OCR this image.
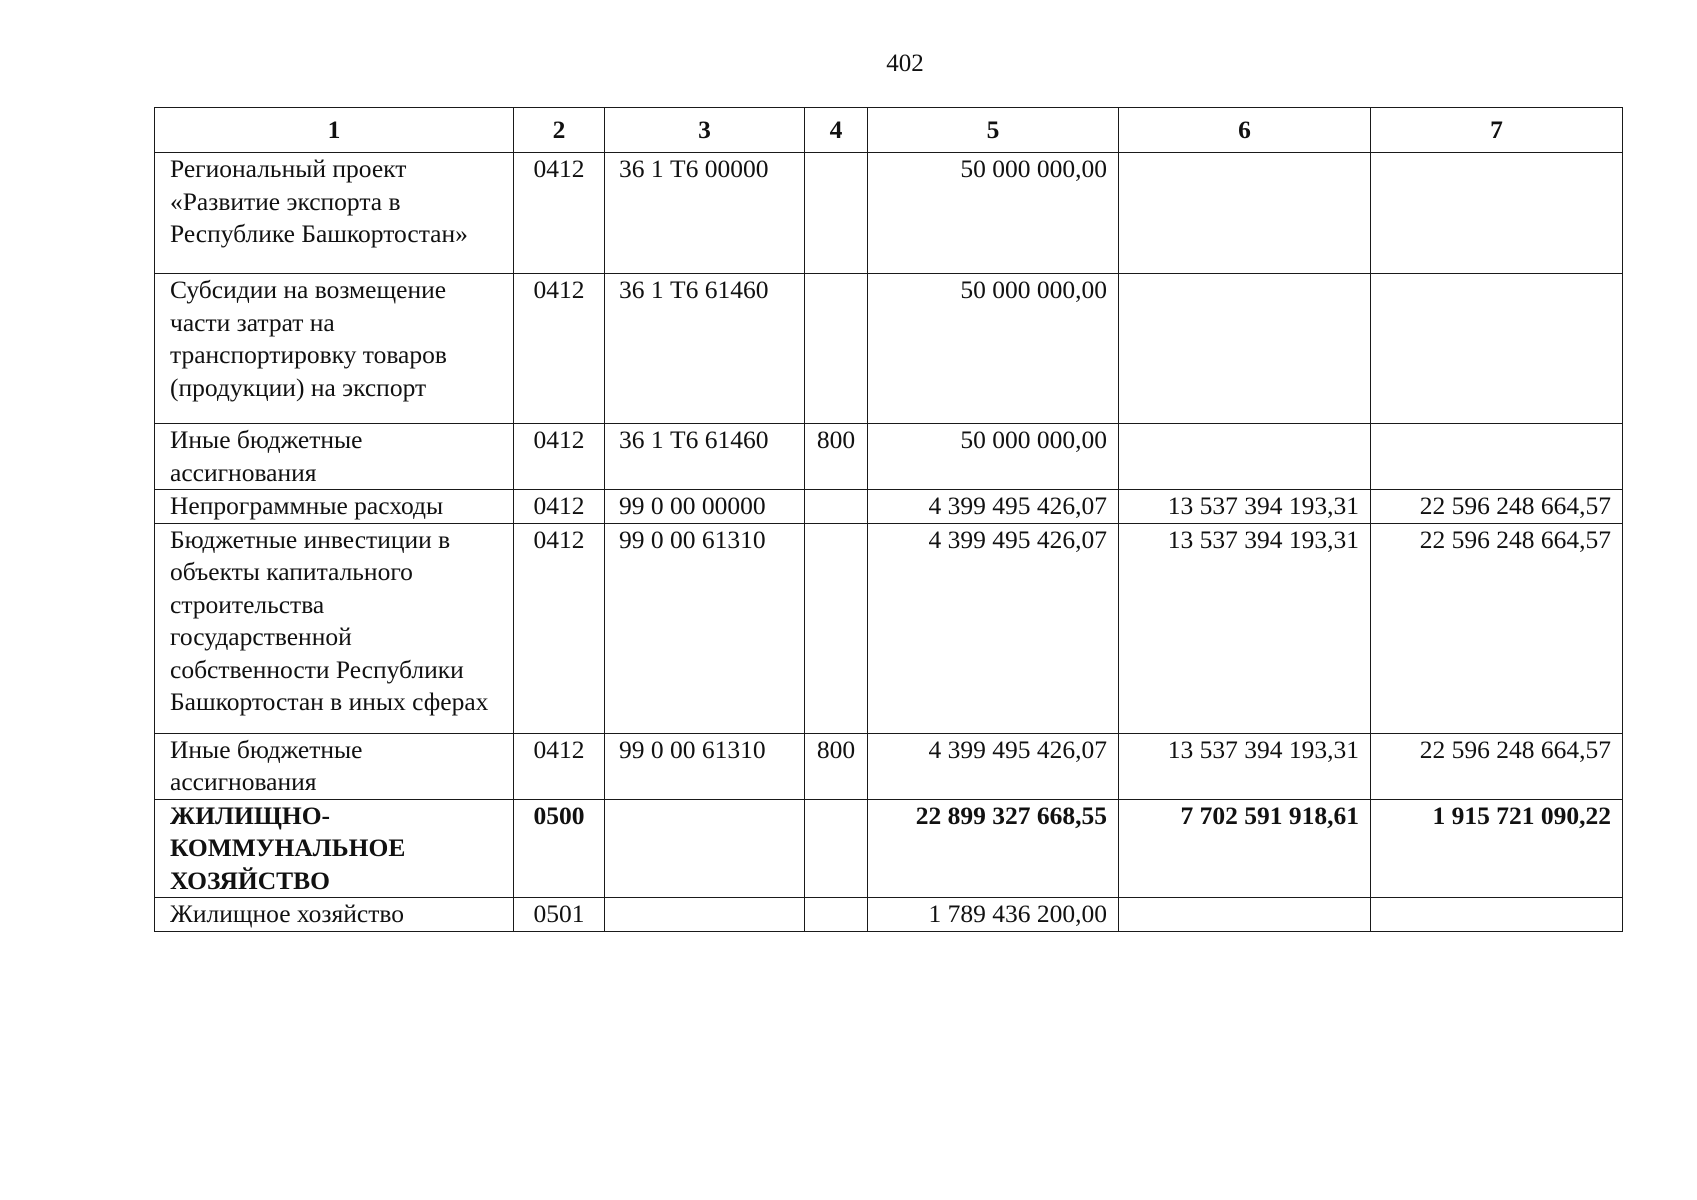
402
1	2	3	4	5	6	7
Региональный проект «Развитие экспорта в Республике Башкортостан»	0412	36 1 Т6 00000		50 000 000,00		
Субсидии на возмещение части затрат на транспортировку товаров (продукции) на экспорт	0412	36 1 Т6 61460		50 000 000,00		
Иные бюджетные ассигнования	0412	36 1 Т6 61460	800	50 000 000,00		
Непрограммные расходы	0412	99 0 00 00000		4 399 495 426,07	13 537 394 193,31	22 596 248 664,57
Бюджетные инвестиции в объекты капитального строительства государственной собственности Республики Башкортостан в иных сферах	0412	99 0 00 61310		4 399 495 426,07	13 537 394 193,31	22 596 248 664,57
Иные бюджетные ассигнования	0412	99 0 00 61310	800	4 399 495 426,07	13 537 394 193,31	22 596 248 664,57
ЖИЛИЩНО-КОММУНАЛЬНОЕ ХОЗЯЙСТВО	0500			22 899 327 668,55	7 702 591 918,61	1 915 721 090,22
Жилищное хозяйство	0501			1 789 436 200,00		
